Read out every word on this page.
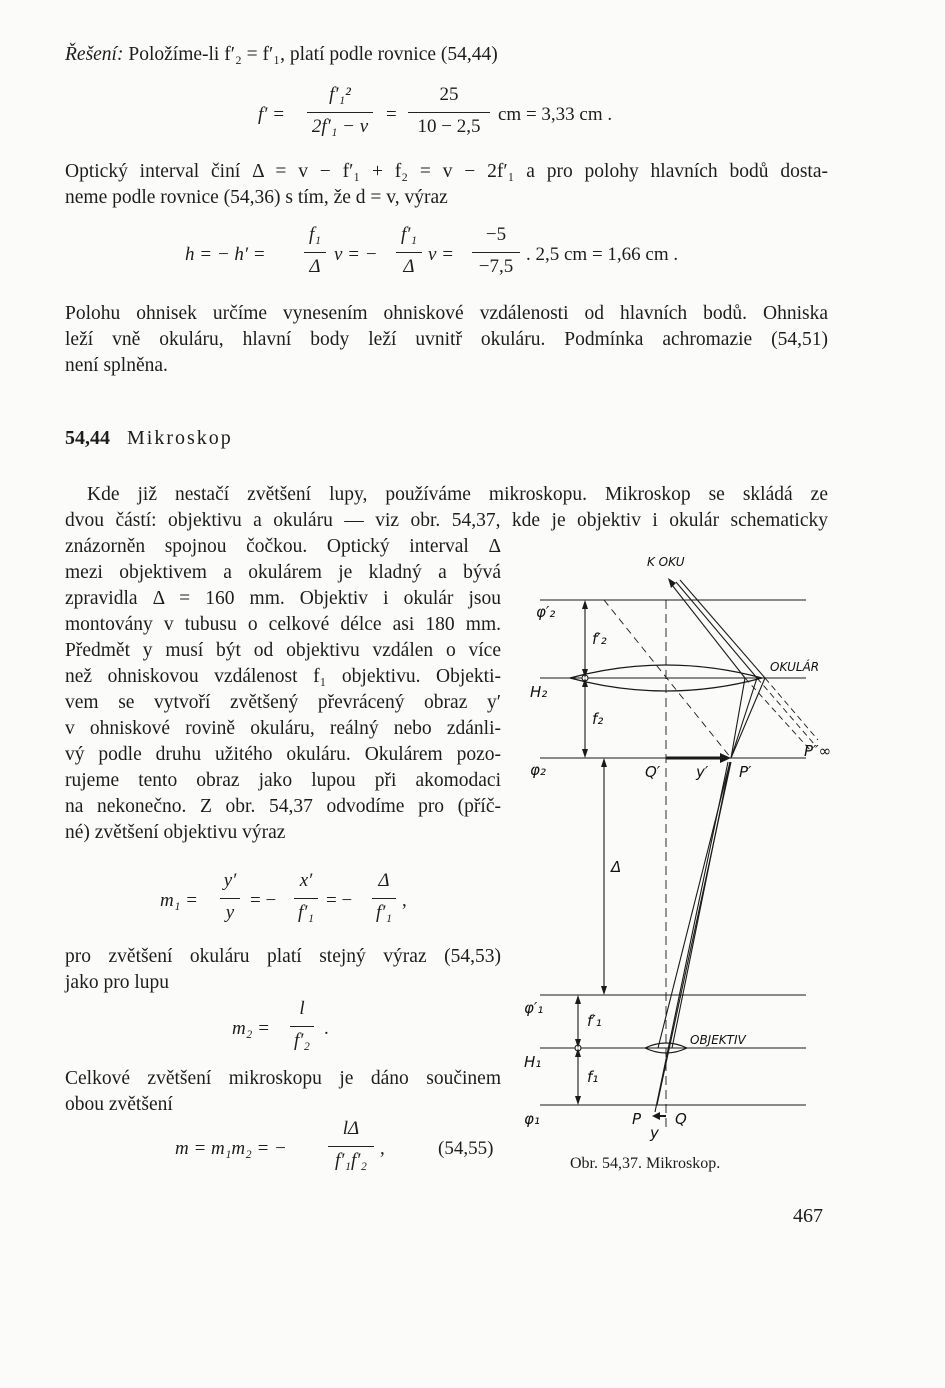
Řešení: Položíme-li f′₂ = f′₁, platí podle rovnice (54,44)
f′ =
f′₁²
2f′₁ − v
=
25
10 − 2,5
cm = 3,33 cm .
Optický interval činí Δ = v − f′₁ + f₂ = v − 2f′₁ a pro polohy hlavních bodů dosta-
neme podle rovnice (54,36) s tím, že d = v, výraz
h = − h′ =
f₁
Δ
v = −
f′₁
Δ
v =
−5
−7,5
. 2,5 cm = 1,66 cm .
Polohu ohnisek určíme vynesením ohniskové vzdálenosti od hlavních bodů. Ohniska
leží vně okuláru, hlavní body leží uvnitř okuláru. Podmínka achromazie (54,51)
není splněna.
54,44 Mikroskop
Kde již nestačí zvětšení lupy, používáme mikroskopu. Mikroskop se skládá ze
dvou částí: objektivu a okuláru — viz obr. 54,37, kde je objektiv i okulár schematicky
znázorněn spojnou čočkou. Optický interval Δ
mezi objektivem a okulárem je kladný a bývá
zpravidla Δ = 160 mm. Objektiv i okulár jsou
montovány v tubusu o celkové délce asi 180 mm.
Předmět y musí být od objektivu vzdálen o více
než ohniskovou vzdálenost f₁ objektivu. Objekti-
vem se vytvoří zvětšený převrácený obraz y′
v ohniskové rovině okuláru, reálný nebo zdánli-
vý podle druhu užitého okuláru. Okulárem pozo-
rujeme tento obraz jako lupou při akomodaci
na nekonečno. Z obr. 54,37 odvodíme pro (příč-
né) zvětšení objektivu výraz
m₁ =
y′
y
= −
x′
f′₁
= −
Δ
f′₁
,
pro zvětšení okuláru platí stejný výraz (54,53)
jako pro lupu
m₂ =
l
f′₂
.
Celkové zvětšení mikroskopu je dáno součinem
obou zvětšení
m = m₁m₂ = −
lΔ
f′₁f′₂
,	(54,55)
K OKU
OKULÁR
OBJEKTIV
φ′₂
H₂
φ₂
φ′₁
H₁
φ₁
f′₂
f₂
f′₁
f₁
Δ
Q′ y′ P′
P″∞
P Q
y
Obr. 54,37. Mikroskop.
467
